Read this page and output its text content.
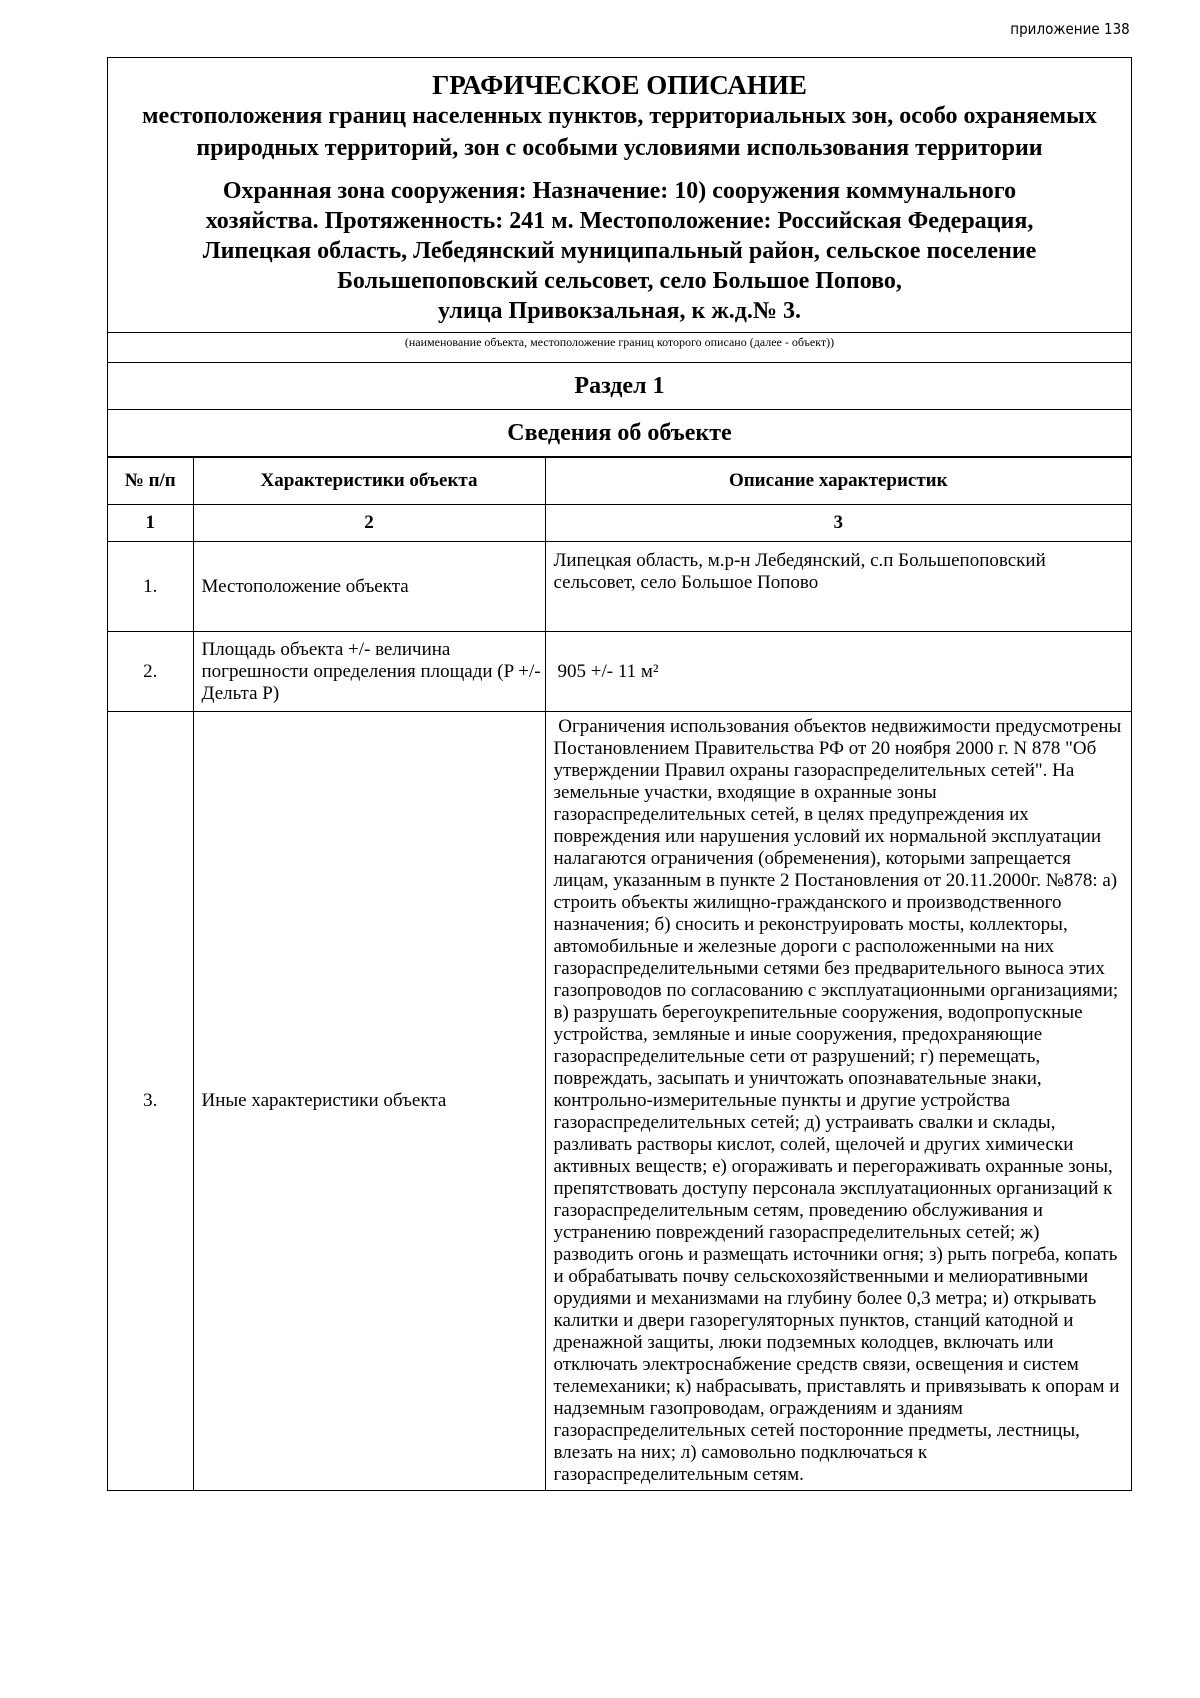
приложение 138
ГРАФИЧЕСКОЕ ОПИСАНИЕ
местоположения границ населенных пунктов, территориальных зон, особо охраняемых природных территорий, зон с особыми условиями использования территории
Охранная зона сооружения: Назначение: 10) сооружения коммунального
хозяйства. Протяженность: 241 м. Местоположение: Российская Федерация,
Липецкая область, Лебедянский муниципальный район, сельское поселение
Большепоповский сельсовет, село Большое Попово,
улица Привокзальная, к ж.д.№ 3.
(наименование объекта, местоположение границ которого описано (далее - объект))
Раздел 1
Сведения об объекте
№ п/п	Характеристики объекта	Описание характеристик
1	2	3
1.	Местоположение объекта	Липецкая область, м.р-н Лебедянский, с.п Большепоповский сельсовет, село Большое Попово
2.	Площадь объекта +/- величина погрешности определения площади (P +/- Дельта P)	905 +/- 11 м²
3.	Иные характеристики объекта	Ограничения использования объектов недвижимости предусмотрены Постановлением Правительства РФ от 20 ноября 2000 г. N 878 "Об утверждении Правил охраны газораспределительных сетей". На земельные участки, входящие в охранные зоны газораспределительных сетей, в целях предупреждения их повреждения или нарушения условий их нормальной эксплуатации налагаются ограничения (обременения), которыми запрещается лицам, указанным в пункте 2 Постановления от 20.11.2000г. №878: а) строить объекты жилищно-гражданского и производственного назначения; б) сносить и реконструировать мосты, коллекторы, автомобильные и железные дороги с расположенными на них газораспределительными сетями без предварительного выноса этих газопроводов по согласованию с эксплуатационными организациями; в) разрушать берегоукрепительные сооружения, водопропускные устройства, земляные и иные сооружения, предохраняющие газораспределительные сети от разрушений; г) перемещать, повреждать, засыпать и уничтожать опознавательные знаки, контрольно-измерительные пункты и другие устройства газораспределительных сетей; д) устраивать свалки и склады, разливать растворы кислот, солей, щелочей и других химически активных веществ; е) огораживать и перегораживать охранные зоны, препятствовать доступу персонала эксплуатационных организаций к газораспределительным сетям, проведению обслуживания и устранению повреждений газораспределительных сетей; ж) разводить огонь и размещать источники огня; з) рыть погреба, копать и обрабатывать почву сельскохозяйственными и мелиоративными орудиями и механизмами на глубину более 0,3 метра; и) открывать калитки и двери газорегуляторных пунктов, станций катодной и дренажной защиты, люки подземных колодцев, включать или отключать электроснабжение средств связи, освещения и систем телемеханики; к) набрасывать, приставлять и привязывать к опорам и надземным газопроводам, ограждениям и зданиям газораспределительных сетей посторонние предметы, лестницы, влезать на них; л) самовольно подключаться к газораспределительным сетям.
